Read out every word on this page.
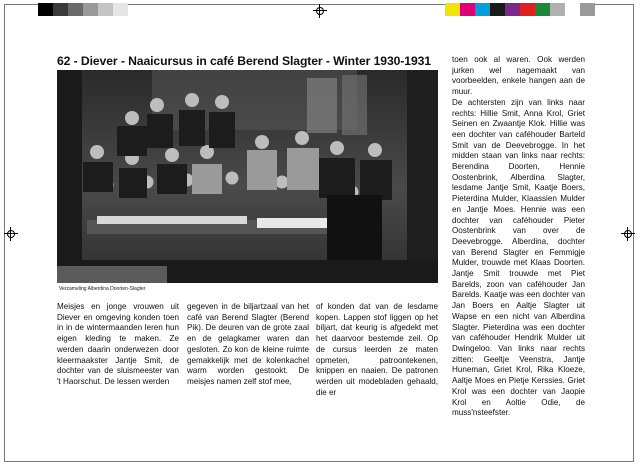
62 - Diever - Naaicursus in café Berend Slagter - Winter 1930-1931
Verzameling Alberdina Doorten-Slagter

toen ook al waren. Ook werden jurken wel nagemaakt van voorbeelden, enkele hangen aan de muur.

De achtersten zijn van links naar rechts: Hillie Smit, Anna Krol, Griet Seinen en Zwaantje Klok. Hillie was een dochter van caféhouder Barteld Smit van de Deevebrogge. In het midden staan van links naar rechts: Berendina Doorten, Hennie Oostenbrink, Alberdina Slagter, lesdame Jantje Smit, Kaatje Boers, Pieterdina Mulder, Klaassien Mulder en Jantje Moes. Hennie was een dochter van caféhouder Pieter Oostenbrink van over de Deevebrogge. Alberdina, dochter van Berend Slagter en Femmigje Mulder, trouwde met Klaas Doorten. Jantje Smit trouwde met Piet Barelds, zoon van caféhouder Jan Barelds. Kaatje was een dochter van Jan Boers en Aaltje Slagter uit Wapse en een nicht van Alberdina Slagter. Pieterdina was een dochter van caféhouder Hendrik Mulder uit Dwingeloo. Van links naar rechts zitten: Geeltje Veenstra, Jantje Huneman, Griet Krol, Rika Kloeze, Aaltje Moes en Pietje Kerssies. Griet Krol was een dochter van Jaopie Krol en Aoltie Odie, de muss'nsteefster.

Meisjes en jonge vrouwen uit Diever en omgeving konden toen in in de wintermaanden leren hun eigen kleding te maken. Ze werden daarin onderwezen door kleermaakster Jantje Smit, de dochter van de sluismeester van 't Haorschut. De lessen werden

gegeven in de biljartzaal van het café van Berend Slagter (Berend Pik). De deuren van de grote zaal en de gelagkamer waren dan gesloten. Zo kon de kleine ruimte gemakkelijk met de kolenkachel warm worden gestookt. De meisjes namen zelf stof mee,

of konden dat van de lesdame kopen. Lappen stof liggen op het biljart, dat keurig is afgedekt met het daarvoor bestemde zeil. Op de cursus leerden ze maten opmeten, patroontekenen, knippen en naaien. De patronen werden uit modebladen gehaald, die er
